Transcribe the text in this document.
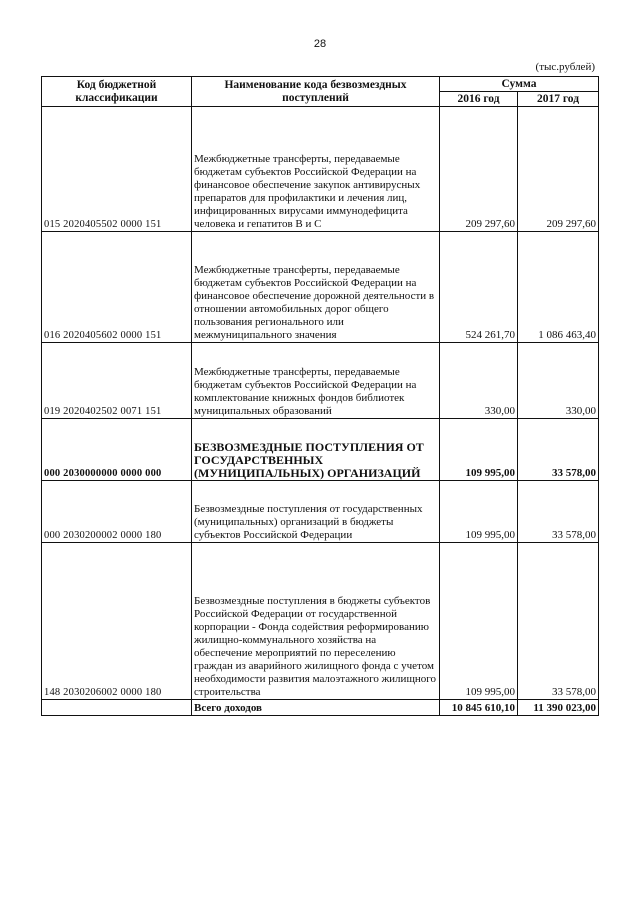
28
(тыс.рублей)
Код бюджетной классификации	Наименование кода безвозмездных поступлений	Сумма	
		2016 год	2017 год
015 2020405502 0000 151	Межбюджетные трансферты, передаваемые бюджетам субъектов Российской Федерации на финансовое обеспечение закупок антивирусных препаратов для профилактики и лечения лиц, инфицированных вирусами иммунодефицита человека и гепатитов В и С	209 297,60	209 297,60
016 2020405602 0000 151	Межбюджетные трансферты, передаваемые бюджетам субъектов Российской Федерации на финансовое обеспечение дорожной деятельности в отношении автомобильных дорог общего пользования регионального или межмуниципального значения	524 261,70	1 086 463,40
019 2020402502 0071 151	Межбюджетные трансферты, передаваемые бюджетам субъектов Российской Федерации на комплектование книжных фондов библиотек муниципальных образований	330,00	330,00
000 2030000000 0000 000	БЕЗВОЗМЕЗДНЫЕ ПОСТУПЛЕНИЯ ОТ ГОСУДАРСТВЕННЫХ (МУНИЦИПАЛЬНЫХ) ОРГАНИЗАЦИЙ	109 995,00	33 578,00
000 2030200002 0000 180	Безвозмездные поступления от государственных (муниципальных) организаций в бюджеты субъектов Российской Федерации	109 995,00	33 578,00
148 2030206002 0000 180	Безвозмездные поступления в бюджеты субъектов Российской Федерации от государственной корпорации - Фонда содействия реформированию жилищно-коммунального хозяйства на обеспечение мероприятий по переселению граждан из аварийного жилищного фонда с учетом необходимости развития малоэтажного жилищного строительства	109 995,00	33 578,00
	Всего доходов	10 845 610,10	11 390 023,00
